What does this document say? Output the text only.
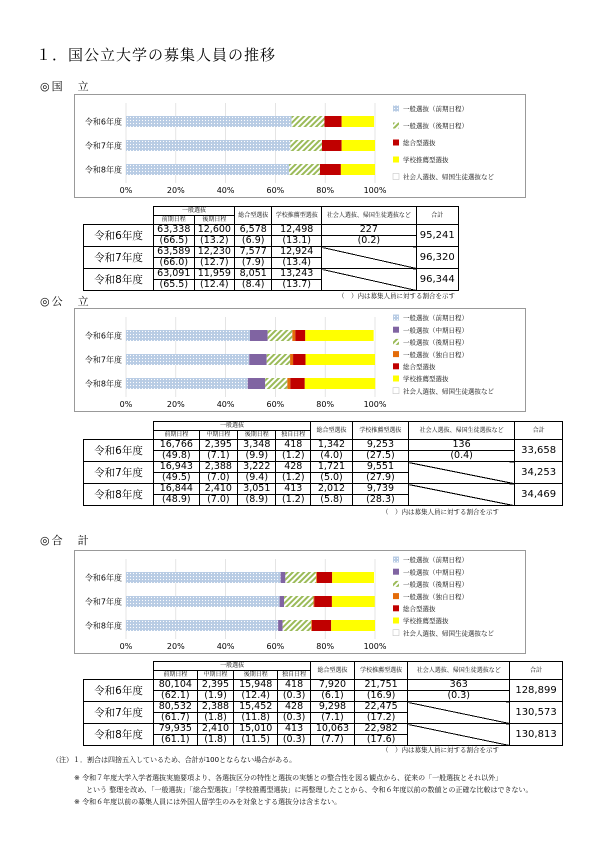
１．国公立大学の募集人員の推移
◎国　立
0%	20%	40%	60%	80%	100%
令和6年度
令和7年度
令和8年度
一般選抜（前期日程）
一般選抜（後期日程）
総合型選抜
学校推薦型選抜
社会人選抜、帰国生徒選抜など
	一般選抜		総合型選抜	学校推薦型選抜	社会人選抜、帰国生徒選抜など	合計
	前期日程	後期日程				
令和6年度	63,338	12,600	6,578	12,498	227	95,241
	(66.5)	(13.2)	(6.9)	(13.1)	(0.2)	
令和7年度	63,589	12,230	7,577	12,924		96,320
	(66.0)	(12.7)	(7.9)	(13.4)		
令和8年度	63,091	11,959	8,051	13,243		96,344
	(65.5)	(12.4)	(8.4)	(13.7)		
（　）内は募集人員に対する割合を示す
◎公　立
0%	20%	40%	60%	80%	100%
令和6年度
令和7年度
令和8年度
一般選抜（前期日程）
一般選抜（中期日程）
一般選抜（後期日程）
一般選抜（独自日程）
総合型選抜
学校推薦型選抜
社会人選抜、帰国生徒選抜など
	一般選抜				総合型選抜	学校推薦型選抜	社会人選抜、帰国生徒選抜など	合計
	前期日程	中期日程	後期日程	独自日程				
令和6年度	16,766	2,395	3,348	418	1,342	9,253	136	33,658
	(49.8)	(7.1)	(9.9)	(1.2)	(4.0)	(27.5)	(0.4)	
令和7年度	16,943	2,388	3,222	428	1,721	9,551		34,253
	(49.5)	(7.0)	(9.4)	(1.2)	(5.0)	(27.9)		
令和8年度	16,844	2,410	3,051	413	2,012	9,739		34,469
	(48.9)	(7.0)	(8.9)	(1.2)	(5.8)	(28.3)		
（　）内は募集人員に対する割合を示す
◎合　計
0%	20%	40%	60%	80%	100%
令和6年度
令和7年度
令和8年度
一般選抜（前期日程）
一般選抜（中期日程）
一般選抜（後期日程）
一般選抜（独自日程）
総合型選抜
学校推薦型選抜
社会人選抜、帰国生徒選抜など
	一般選抜				総合型選抜	学校推薦型選抜	社会人選抜、帰国生徒選抜など	合計
	前期日程	中期日程	後期日程	独自日程				
令和6年度	80,104	2,395	15,948	418	7,920	21,751	363	128,899
	(62.1)	(1.9)	(12.4)	(0.3)	(6.1)	(16.9)	(0.3)	
令和7年度	80,532	2,388	15,452	428	9,298	22,475		130,573
	(61.7)	(1.8)	(11.8)	(0.3)	(7.1)	(17.2)		
令和8年度	79,935	2,410	15,010	413	10,063	22,982		130,813
	(61.1)	(1.8)	(11.5)	(0.3)	(7.7)	(17.6)		
（　）内は募集人員に対する割合を示す
（注）１．割合は四捨五入しているため、合計が100とならない場合がある。
※ 令和７年度大学入学者選抜実施要項より、各選抜区分の特性と選抜の実態との整合性を図る観点から、従来の「一般選抜とそれ以外」
という 整理を改め、「一般選抜」「総合型選抜」「学校推薦型選抜」に再整理したことから、令和６年度以前の数値との正確な比較はできない。
※ 令和６年度以前の募集人員には外国人留学生のみを対象とする選抜分は含まない。
